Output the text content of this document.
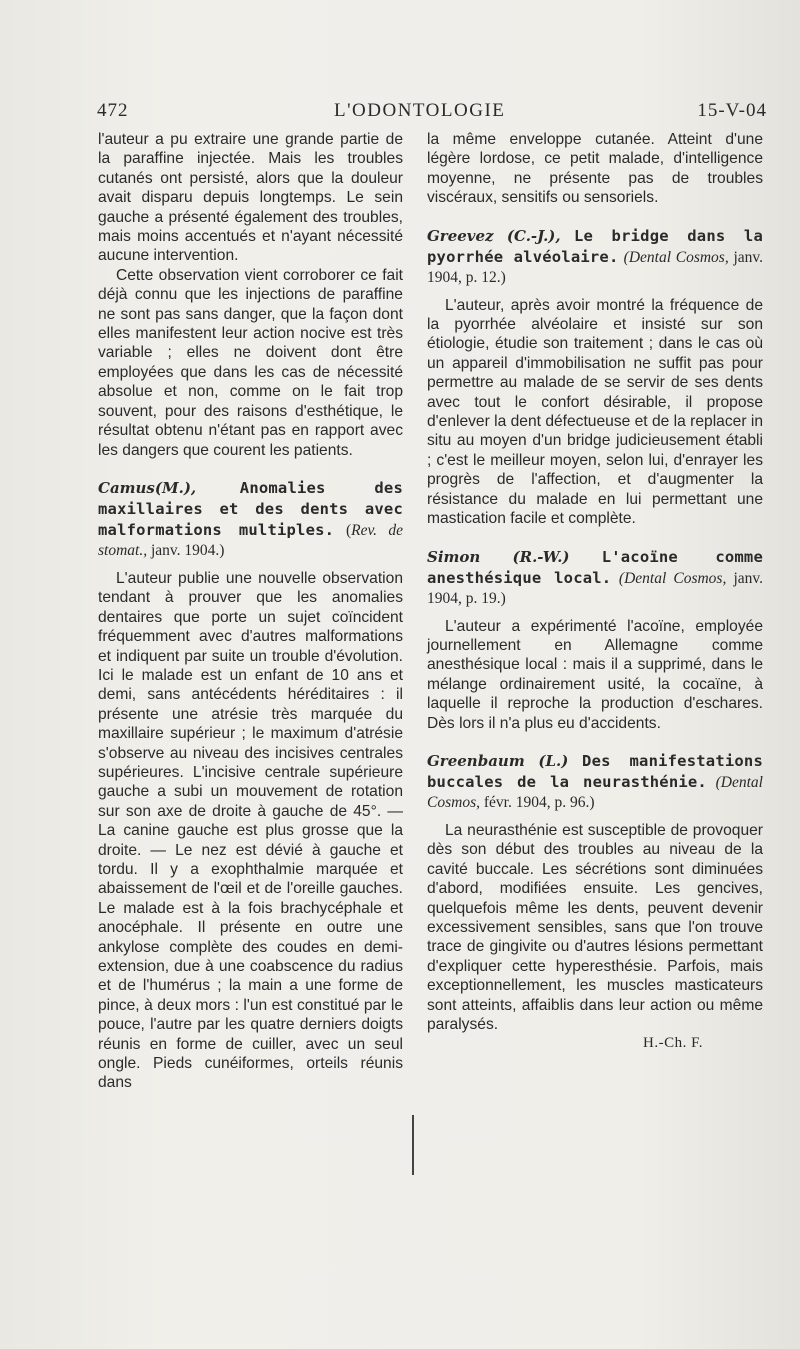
472	L'ODONTOLOGIE	15-V-04

l'auteur a pu extraire une grande partie de la paraffine injectée. Mais les troubles cutanés ont persisté, alors que la douleur avait disparu depuis longtemps. Le sein gauche a présenté également des troubles, mais moins accentués et n'ayant nécessité aucune intervention.

Cette observation vient corroborer ce fait déjà connu que les injections de paraffine ne sont pas sans danger, que la façon dont elles manifestent leur action nocive est très variable ; elles ne doivent dont être employées que dans les cas de nécessité absolue et non, comme on le fait trop souvent, pour des raisons d'esthétique, le résultat obtenu n'étant pas en rapport avec les dangers que courent les patients.

Camus(M.),	Anomalies des maxillaires et des dents avec malformations multiples. (Rev. de stomat., janv. 1904.)

L'auteur publie une nouvelle observation tendant à prouver que les anomalies dentaires que porte un sujet coïncident fréquemment avec d'autres malformations et indiquent par suite un trouble d'évolution. Ici le malade est un enfant de 10 ans et demi, sans antécédents héréditaires : il présente une atrésie très marquée du maxillaire supérieur ; le maximum d'atrésie s'observe au niveau des incisives centrales supérieures. L'incisive centrale supérieure gauche a subi un mouvement de rotation sur son axe de droite à gauche de 45°. — La canine gauche est plus grosse que la droite. — Le nez est dévié à gauche et tordu. Il y a exophthalmie marquée et abaissement de l'œil et de l'oreille gauches. Le malade est à la fois brachycéphale et anocéphale. Il présente en outre une ankylose complète des coudes en demi-extension, due à une coabscence du radius et de l'humérus ; la main a une forme de pince, à deux mors : l'un est constitué par le pouce, l'autre par les quatre derniers doigts réunis en forme de cuiller, avec un seul ongle. Pieds cunéiformes, orteils réunis dans

la même enveloppe cutanée. Atteint d'une légère lordose, ce petit malade, d'intelligence moyenne, ne présente pas de troubles viscéraux, sensitifs ou sensoriels.

Greevez (C.-J.), Le bridge dans la pyorrhée alvéolaire. (Dental Cosmos, janv. 1904, p. 12.)

L'auteur, après avoir montré la fréquence de la pyorrhée alvéolaire et insisté sur son étiologie, étudie son traitement ; dans le cas où un appareil d'immobilisation ne suffit pas pour permettre au malade de se servir de ses dents avec tout le confort désirable, il propose d'enlever la dent défectueuse et de la replacer in situ au moyen d'un bridge judicieusement établi ; c'est le meilleur moyen, selon lui, d'enrayer les progrès de l'affection, et d'augmenter la résistance du malade en lui permettant une mastication facile et complète.

Simon (R.-W.) L'acoïne comme anesthésique local. (Dental Cosmos, janv. 1904, p. 19.)

L'auteur a expérimenté l'acoïne, employée journellement en Allemagne comme anesthésique local : mais il a supprimé, dans le mélange ordinairement usité, la cocaïne, à laquelle il reproche la production d'eschares. Dès lors il n'a plus eu d'accidents.

Greenbaum (L.) Des manifestations buccales de la neurasthénie. (Dental Cosmos, févr. 1904, p. 96.)

La neurasthénie est susceptible de provoquer dès son début des troubles au niveau de la cavité buccale. Les sécrétions sont diminuées d'abord, modifiées ensuite. Les gencives, quelquefois même les dents, peuvent devenir excessivement sensibles, sans que l'on trouve trace de gingivite ou d'autres lésions permettant d'expliquer cette hyperesthésie. Parfois, mais exceptionnellement, les muscles masticateurs sont atteints, affaiblis dans leur action ou même paralysés.

H.-Ch. F.
